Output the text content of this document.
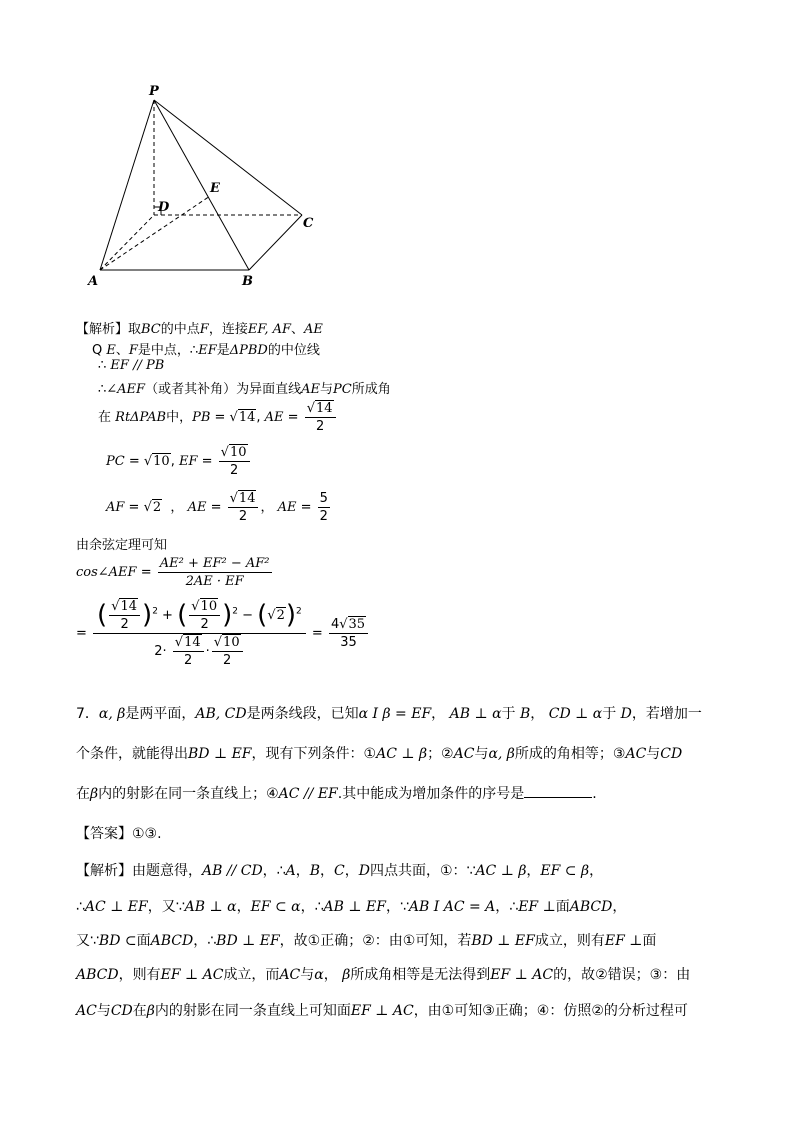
P
D
E
C
A	B
【解析】取BC的中点F，连接EF, AF、AE
Q E、F是中点，∴EF是ΔPBD的中位线
∴ EF // PB
∴∠AEF（或者其补角）为异面直线AE与PC所成角
在 RtΔPAB中，PB = √14, AE = $\frac{√14}{2}$
PC = √10, EF = $\frac{√10}{2}$
AF = √2  ， AE = $\frac{√14}{2}$ ， AE = $\frac{5}{2}$
由余弦定理可知
cos∠AEF = $\frac{\text{AE² + EF² − AF²}}{2AE \cdot EF}$
= $\frac{( \frac{√14}{2} )^2 + ( \frac{√10}{2} )^2 - (√2)^2}{2\cdot \frac{√14}{2} \cdot \frac{√10}{2}} = \frac{4√35}{35}$
7．α, β是两平面，AB, CD是两条线段，已知α I β = EF， AB ⊥ α于 B， CD ⊥ α于 D，若增加一
个条件，就能得出BD ⊥ EF，现有下列条件：①AC ⊥ β；②AC与α, β所成的角相等；③AC与CD
在β内的射影在同一条直线上；④AC // EF.其中能成为增加条件的序号是	.
【答案】①③.
【解析】由题意得，AB // CD，∴A，B，C，D四点共面，①：∵AC ⊥ β，EF ⊂ β，
∴AC ⊥ EF，又∵AB ⊥ α，EF ⊂ α，∴AB ⊥ EF，∵AB I AC = A，∴EF ⊥面ABCD，
又∵BD ⊂面ABCD，∴BD ⊥ EF，故①正确；②：由①可知，若BD ⊥ EF成立，则有EF ⊥面
ABCD，则有EF ⊥ AC成立，而AC与α， β所成角相等是无法得到EF ⊥ AC的，故②错误；③：由
AC与CD在β内的射影在同一条直线上可知面EF ⊥ AC，由①可知③正确；④：仿照②的分析过程可
